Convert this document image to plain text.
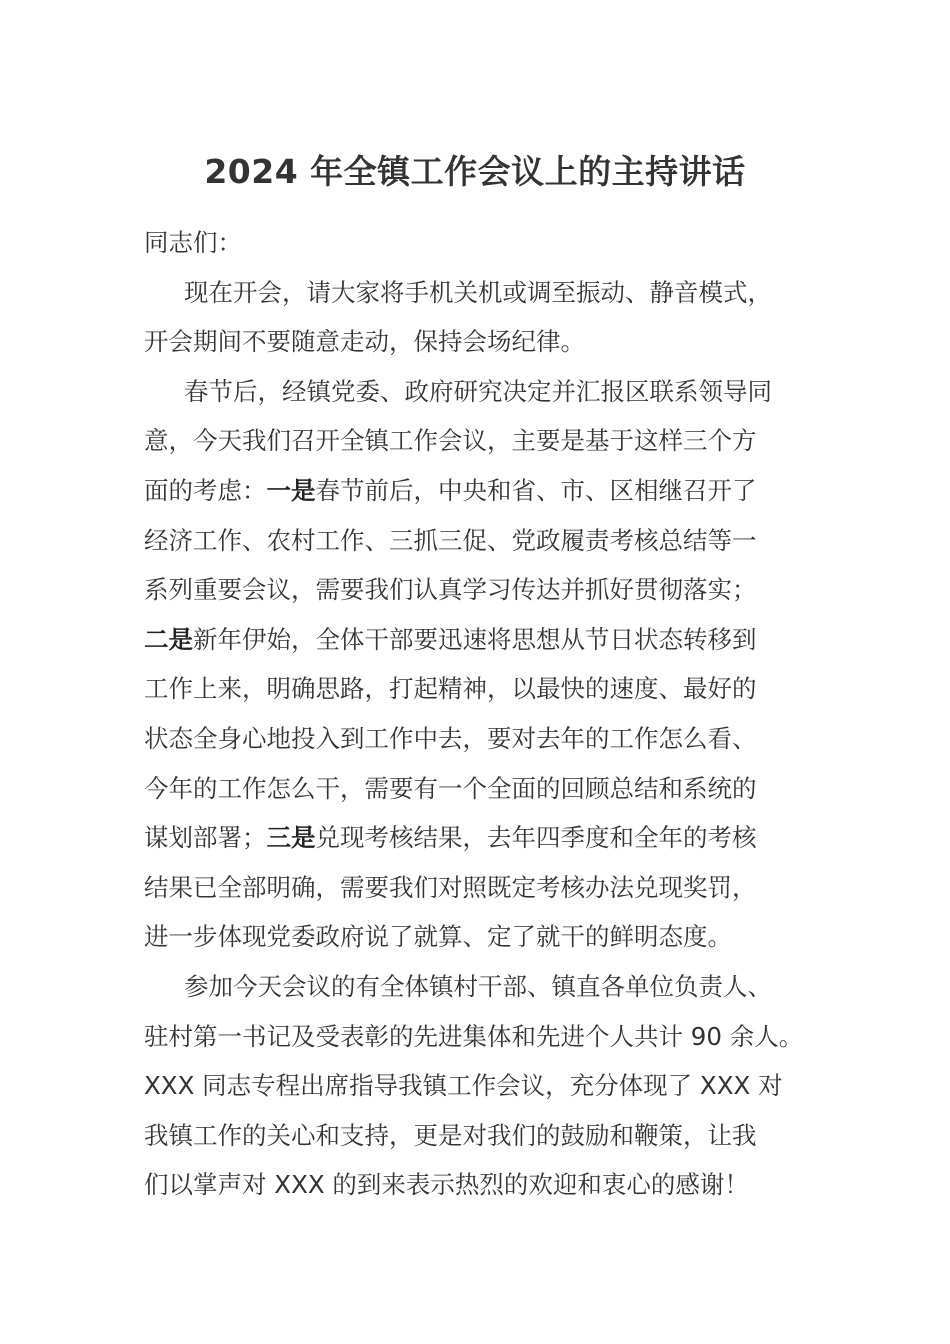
2024 年全镇工作会议上的主持讲话
同志们：
现在开会，请大家将手机关机或调至振动、静音模式，
开会期间不要随意走动，保持会场纪律。
春节后，经镇党委、政府研究决定并汇报区联系领导同
意，今天我们召开全镇工作会议，主要是基于这样三个方
面的考虑：一是春节前后，中央和省、市、区相继召开了
经济工作、农村工作、三抓三促、党政履责考核总结等一
系列重要会议，需要我们认真学习传达并抓好贯彻落实；
二是新年伊始，全体干部要迅速将思想从节日状态转移到
工作上来，明确思路，打起精神，以最快的速度、最好的
状态全身心地投入到工作中去，要对去年的工作怎么看、
今年的工作怎么干，需要有一个全面的回顾总结和系统的
谋划部署；三是兑现考核结果，去年四季度和全年的考核
结果已全部明确，需要我们对照既定考核办法兑现奖罚，
进一步体现党委政府说了就算、定了就干的鲜明态度。
参加今天会议的有全体镇村干部、镇直各单位负责人、
驻村第一书记及受表彰的先进集体和先进个人共计 90 余人。
XXX 同志专程出席指导我镇工作会议，充分体现了 XXX 对
我镇工作的关心和支持，更是对我们的鼓励和鞭策，让我
们以掌声对 XXX 的到来表示热烈的欢迎和衷心的感谢！
